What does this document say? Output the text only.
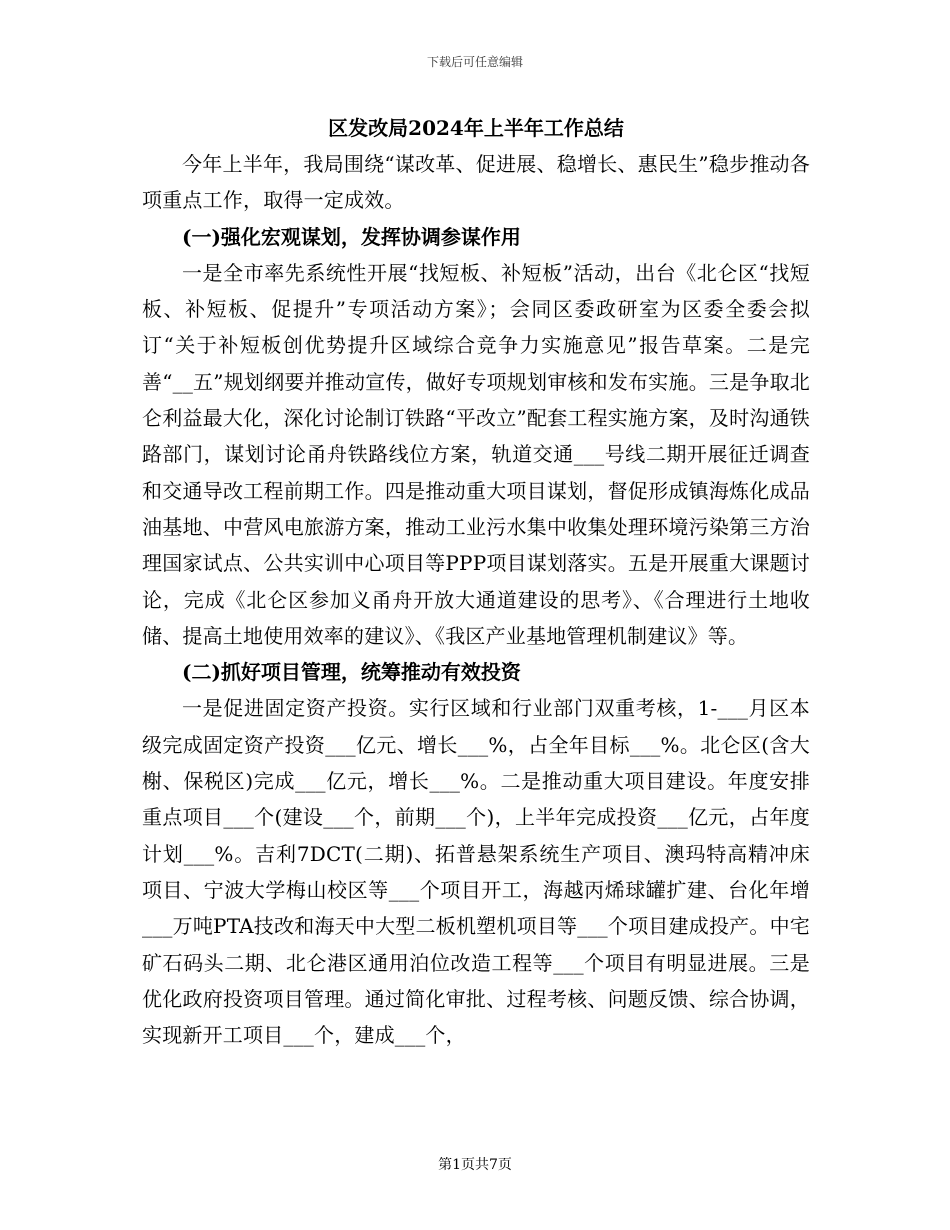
下载后可任意编辑
区发改局2024年上半年工作总结

今年上半年，我局围绕“谋改革、促进展、稳增长、惠民生”稳步推动各项重点工作，取得一定成效。

(一)强化宏观谋划，发挥协调参谋作用

一是全市率先系统性开展“找短板、补短板”活动，出台《北仑区“找短板、补短板、促提升”专项活动方案》；会同区委政研室为区委全委会拟订“关于补短板创优势提升区域综合竞争力实施意见”报告草案。二是完善“__五”规划纲要并推动宣传，做好专项规划审核和发布实施。三是争取北仑利益最大化，深化讨论制订铁路“平改立”配套工程实施方案，及时沟通铁路部门，谋划讨论甬舟铁路线位方案，轨道交通___号线二期开展征迁调查和交通导改工程前期工作。四是推动重大项目谋划，督促形成镇海炼化成品油基地、中营风电旅游方案，推动工业污水集中收集处理环境污染第三方治理国家试点、公共实训中心项目等PPP项目谋划落实。五是开展重大课题讨论，完成《北仑区参加义甬舟开放大通道建设的思考》、《合理进行土地收储、提高土地使用效率的建议》、《我区产业基地管理机制建议》等。

(二)抓好项目管理，统筹推动有效投资

一是促进固定资产投资。实行区域和行业部门双重考核，1-___月区本级完成固定资产投资___亿元、增长___%，占全年目标___%。北仑区(含大榭、保税区)完成___亿元，增长___%。二是推动重大项目建设。年度安排重点项目___个(建设___个，前期___个)，上半年完成投资___亿元，占年度计划___%。吉利7DCT(二期)、拓普悬架系统生产项目、澳玛特高精冲床项目、宁波大学梅山校区等___个项目开工，海越丙烯球罐扩建、台化年增___万吨PTA技改和海天中大型二板机塑机项目等___个项目建成投产。中宅矿石码头二期、北仑港区通用泊位改造工程等___个项目有明显进展。三是优化政府投资项目管理。通过简化审批、过程考核、问题反馈、综合协调，实现新开工项目___个，建成___个，

第1页共7页
